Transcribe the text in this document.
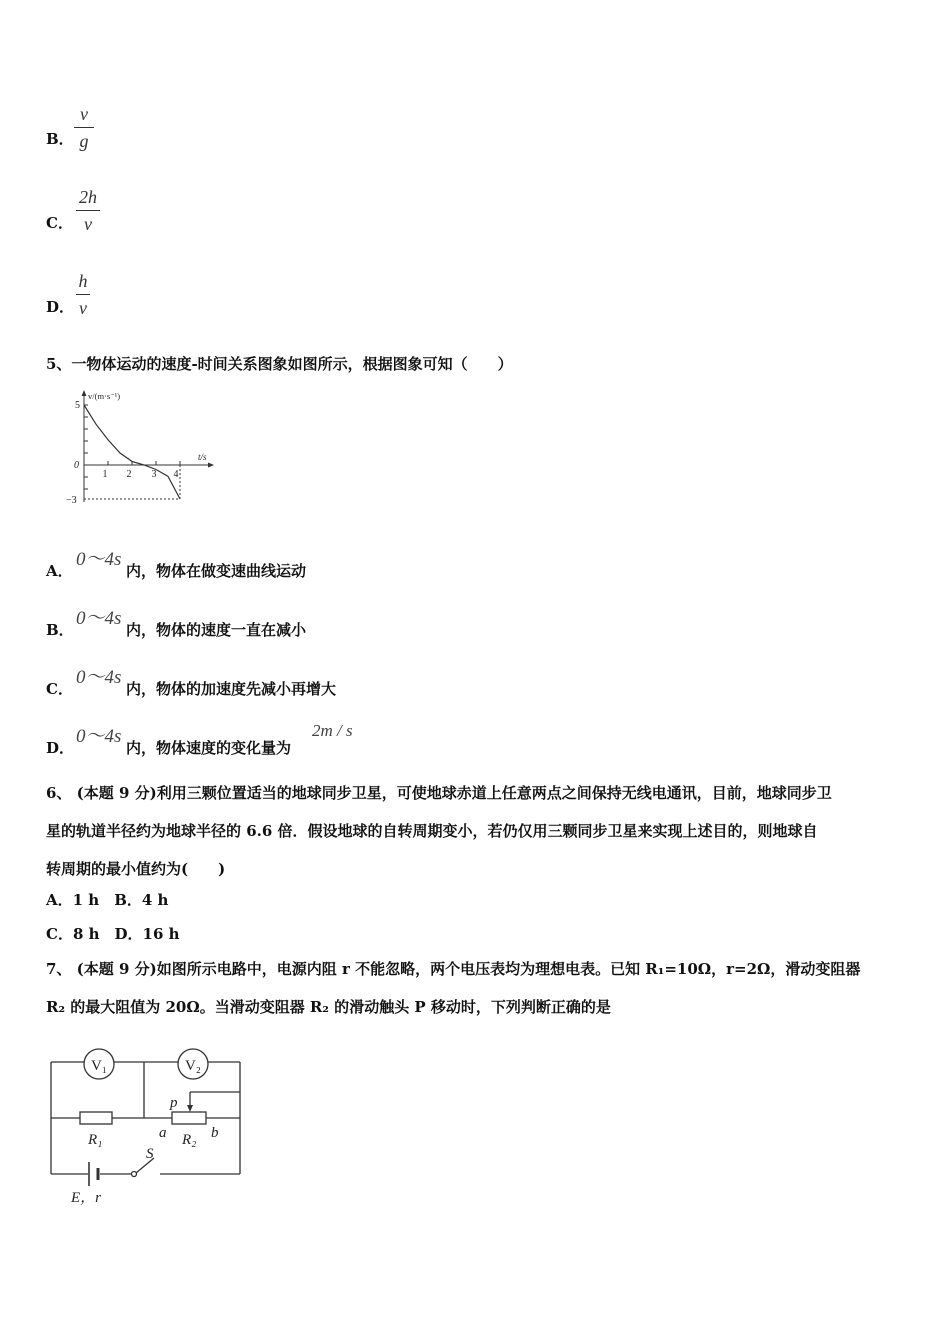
B．
v
g
C．
2h
v
D．
h
v
5、一物体运动的速度-时间关系图象如图所示，根据图象可知（　　）
v/(m·s⁻¹)
t/s
0
5
−3
1 2 3 4
A．
0～4s
内，物体在做变速曲线运动
B．
0～4s
内，物体的速度一直在减小
C．
0～4s
内，物体的加速度先减小再增大
D．
0～4s
内，物体速度的变化量为
2m / s
6、 (本题 9 分)利用三颗位置适当的地球同步卫星，可使地球赤道上任意两点之间保持无线电通讯，目前，地球同步卫
星的轨道半径约为地球半径的 6.6 倍．假设地球的自转周期变小，若仍仅用三颗同步卫星来实现上述目的，则地球自
转周期的最小值约为(　　)
A．1 h　B．4 h
C．8 h　D．16 h
7、 (本题 9 分)如图所示电路中，电源内阻 r 不能忽略，两个电压表均为理想电表。已知 R₁=10Ω，r=2Ω，滑动变阻器
R₂ 的最大阻值为 20Ω。当滑动变阻器 R₂ 的滑动触头 P 移动时，下列判断正确的是
V₁	V₂
R₁	R₂
p
a	b
S
E，r
